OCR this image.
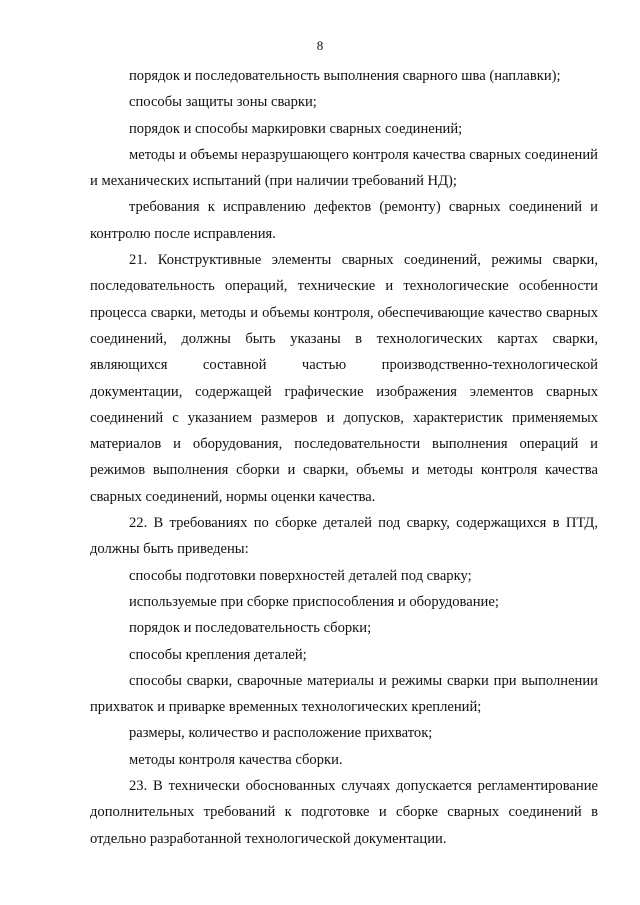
8

порядок и последовательность выполнения сварного шва (наплавки);

способы защиты зоны сварки;

порядок и способы маркировки сварных соединений;

методы и объемы неразрушающего контроля качества сварных соединений и механических испытаний (при наличии требований НД);

требования к исправлению дефектов (ремонту) сварных соединений и контролю после исправления.

21. Конструктивные элементы сварных соединений, режимы сварки, последовательность операций, технические и технологические особенности процесса сварки, методы и объемы контроля, обеспечивающие качество сварных соединений, должны быть указаны в технологических картах сварки, являющихся составной частью производственно-технологической документации, содержащей графические изображения элементов сварных соединений с указанием размеров и допусков, характеристик применяемых материалов и оборудования, последовательности выполнения операций и режимов выполнения сборки и сварки, объемы и методы контроля качества сварных соединений, нормы оценки качества.

22. В требованиях по сборке деталей под сварку, содержащихся в ПТД, должны быть приведены:

способы подготовки поверхностей деталей под сварку;

используемые при сборке приспособления и оборудование;

порядок и последовательность сборки;

способы крепления деталей;

способы сварки, сварочные материалы и режимы сварки при выполнении прихваток и приварке временных технологических креплений;

размеры, количество и расположение прихваток;

методы контроля качества сборки.

23. В технически обоснованных случаях допускается регламентирование дополнительных требований к подготовке и сборке сварных соединений в отдельно разработанной технологической документации.
